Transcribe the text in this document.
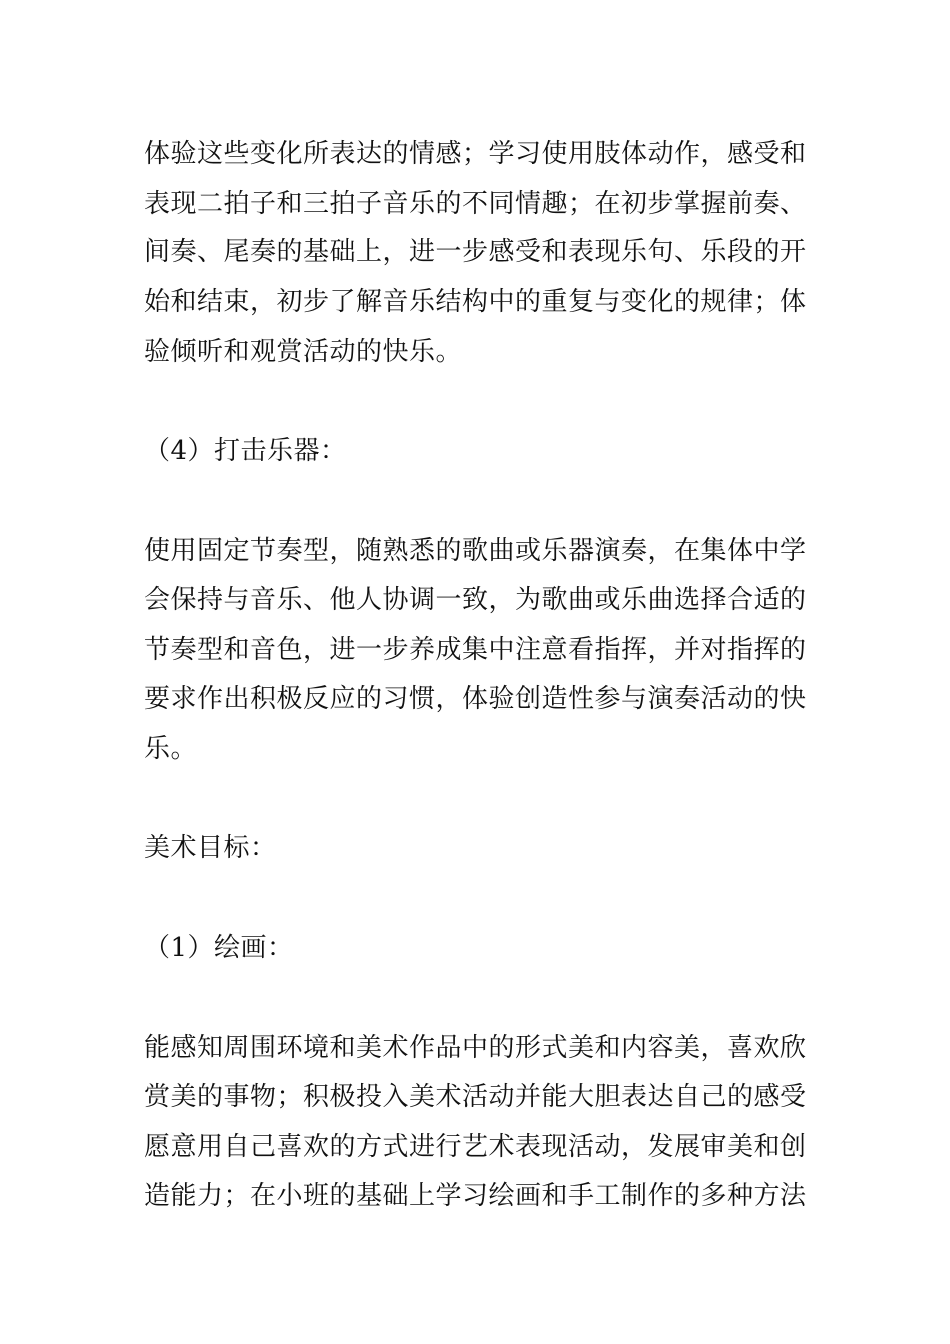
体验这些变化所表达的情感；学习使用肢体动作，感受和
表现二拍子和三拍子音乐的不同情趣；在初步掌握前奏、
间奏、尾奏的基础上，进一步感受和表现乐句、乐段的开
始和结束，初步了解音乐结构中的重复与变化的规律；体
验倾听和观赏活动的快乐。
（4）打击乐器：
使用固定节奏型，随熟悉的歌曲或乐器演奏，在集体中学
会保持与音乐、他人协调一致，为歌曲或乐曲选择合适的
节奏型和音色，进一步养成集中注意看指挥，并对指挥的
要求作出积极反应的习惯，体验创造性参与演奏活动的快
乐。
美术目标：
（1）绘画：
能感知周围环境和美术作品中的形式美和内容美，喜欢欣
赏美的事物；积极投入美术活动并能大胆表达自己的感受
愿意用自己喜欢的方式进行艺术表现活动，发展审美和创
造能力；在小班的基础上学习绘画和手工制作的多种方法
